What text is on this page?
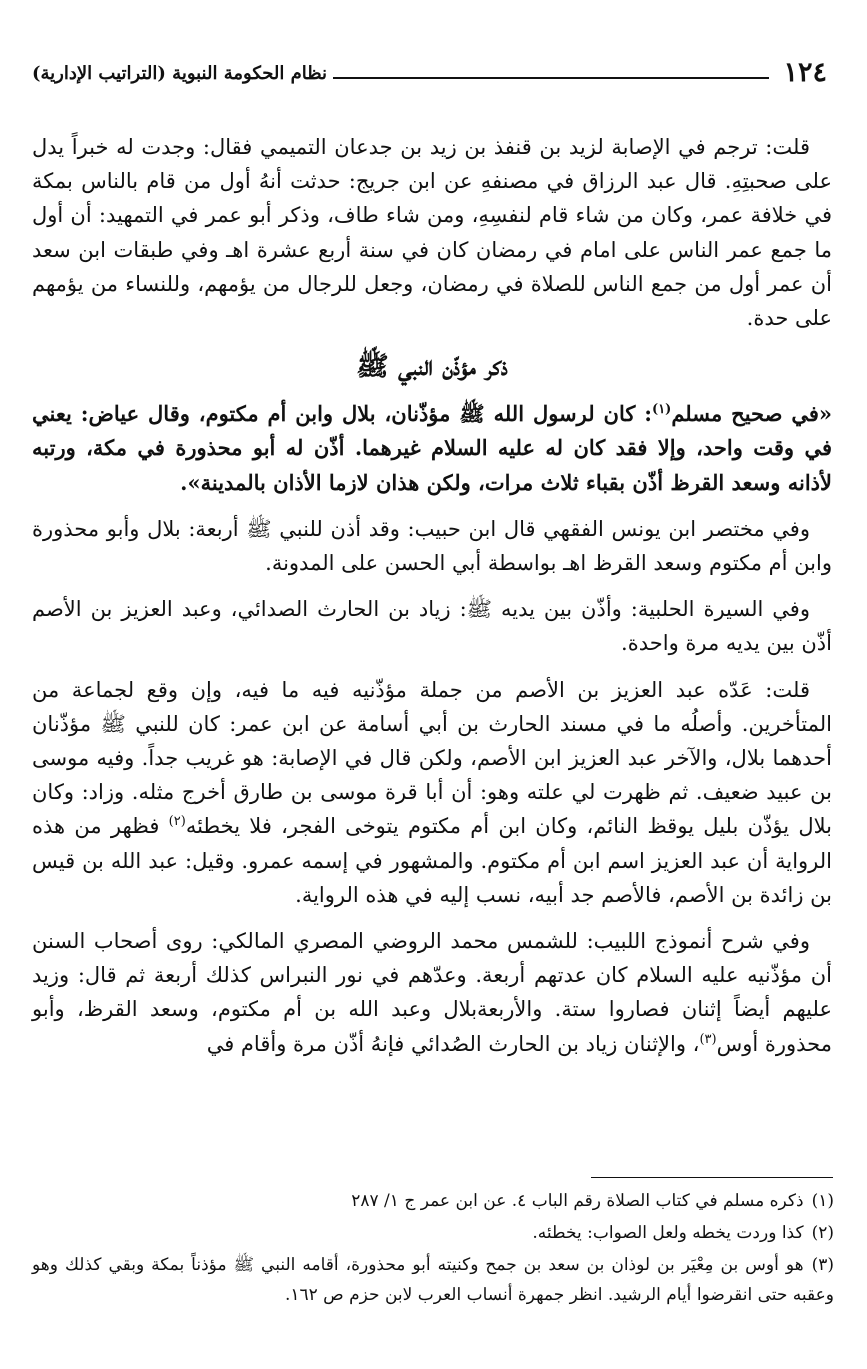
١٢٤
نظام الحكومة النبوية (التراتيب الإدارية)

قلت: ترجم في الإصابة لزيد بن قنفذ بن زيد بن جدعان التميمي فقال: وجدت له خبراً يدل على صحبتِهِ. قال عبد الرزاق في مصنفهِ عن ابن جريج: حدثت أنهُ أول من قام بالناس بمكة في خلافة عمر، وكان من شاء قام لنفسِهِ، ومن شاء طاف، وذكر أبو عمر في التمهيد: أن أول ما جمع عمر الناس على امام في رمضان كان في سنة أربع عشرة اهـ وفي طبقات ابن سعد أن عمر أول من جمع الناس للصلاة في رمضان، وجعل للرجال من يؤمهم، وللنساء من يؤمهم على حدة.

ذكر مؤذّن النبي ﷺ

«في صحيح مسلم$^{(١)}$: كان لرسول الله ﷺ مؤذّنان، بلال وابن أم مكتوم، وقال عياض: يعني في وقت واحد، وإلا فقد كان له عليه السلام غيرهما. أذّن له أبو محذورة في مكة، ورتبه لأذانه وسعد القرظ أذّن بقباء ثلاث مرات، ولكن هذان لازما الأذان بالمدينة».

وفي مختصر ابن يونس الفقهي قال ابن حبيب: وقد أذن للنبي ﷺ أربعة: بلال وأبو محذورة وابن أم مكتوم وسعد القرظ اهـ بواسطة أبي الحسن على المدونة.

وفي السيرة الحلبية: وأذّن بين يديه ﷺ: زياد بن الحارث الصدائي، وعبد العزيز بن الأصم أذّن بين يديه مرة واحدة.

قلت: عَدّه عبد العزيز بن الأصم من جملة مؤذّنيه فيه ما فيه، وإن وقع لجماعة من المتأخرين. وأصلُه ما في مسند الحارث بن أبي أسامة عن ابن عمر: كان للنبي ﷺ مؤذّنان أحدهما بلال، والآخر عبد العزيز ابن الأصم، ولكن قال في الإصابة: هو غريب جداً. وفيه موسى بن عبيد ضعيف. ثم ظهرت لي علته وهو: أن أبا قرة موسى بن طارق أخرج مثله. وزاد: وكان بلال يؤذّن بليل يوقظ النائم، وكان ابن أم مكتوم يتوخى الفجر، فلا يخطئه$^{(٢)}$ فظهر من هذه الرواية أن عبد العزيز اسم ابن أم مكتوم. والمشهور في إسمه عمرو. وقيل: عبد الله بن قيس بن زائدة بن الأصم، فالأصم جد أبيه، نسب إليه في هذه الرواية.

وفي شرح أنموذج اللبيب: للشمس محمد الروضي المصري المالكي: روى أصحاب السنن أن مؤذّنيه عليه السلام كان عدتهم أربعة. وعدّهم في نور النبراس كذلك أربعة ثم قال: وزيد عليهم أيضاً إثنان فصاروا ستة. والأربعةبلال وعبد الله بن أم مكتوم، وسعد القرظ، وأبو محذورة أوس$^{(٣)}$، والإثنان زياد بن الحارث الصُدائي فإنهُ أذّن مرة وأقام في

(١)ذكره مسلم في كتاب الصلاة رقم الباب ٤. عن ابن عمر ج ١/ ٢٨٧

(٢)كذا وردت يخطه ولعل الصواب: يخطئه.

(٣)هو أوس بن مِعْيَر بن لوذان بن سعد بن جمح وكنيته أبو محذورة، أقامه النبي ﷺ مؤذناً بمكة وبقي كذلك وهو وعقبه حتى انقرضوا أيام الرشيد. انظر جمهرة أنساب العرب لابن حزم ص ١٦٢.
